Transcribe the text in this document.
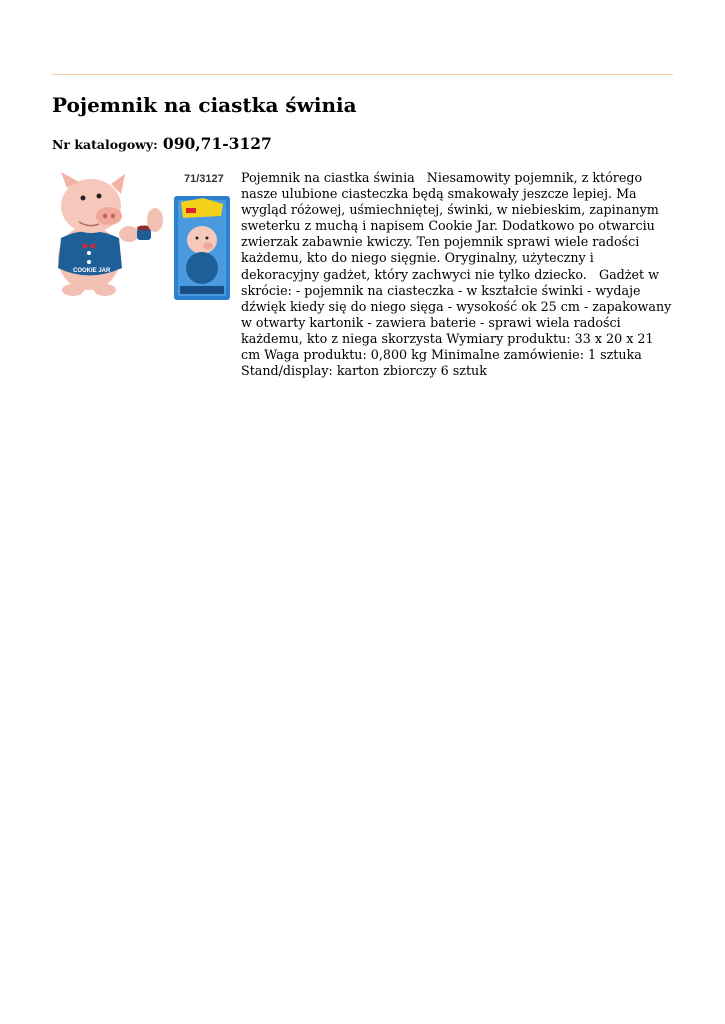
Pojemnik na ciastka świnia

Nr katalogowy: 090,71-3127

71/3127
COOKIE JAR

Pojemnik na ciastka świnia   Niesamowity pojemnik, z którego nasze ulubione ciasteczka będą smakowały jeszcze lepiej. Ma wygląd różowej, uśmiechniętej, świnki, w niebieskim, zapinanym sweterku z muchą i napisem Cookie Jar. Dodatkowo po otwarciu zwierzak zabawnie kwiczy. Ten pojemnik sprawi wiele radości każdemu, kto do niego sięgnie. Oryginalny, użyteczny i dekoracyjny gadżet, który zachwyci nie tylko dziecko.   Gadżet w skrócie: - pojemnik na ciasteczka - w kształcie świnki - wydaje dźwięk kiedy się do niego sięga - wysokość ok 25 cm - zapakowany w otwarty kartonik - zawiera baterie - sprawi wiela radości każdemu, kto z niega skorzysta Wymiary produktu: 33 x 20 x 21 cm Waga produktu: 0,800 kg Minimalne zamówienie: 1 sztuka Stand/display: karton zbiorczy 6 sztuk
